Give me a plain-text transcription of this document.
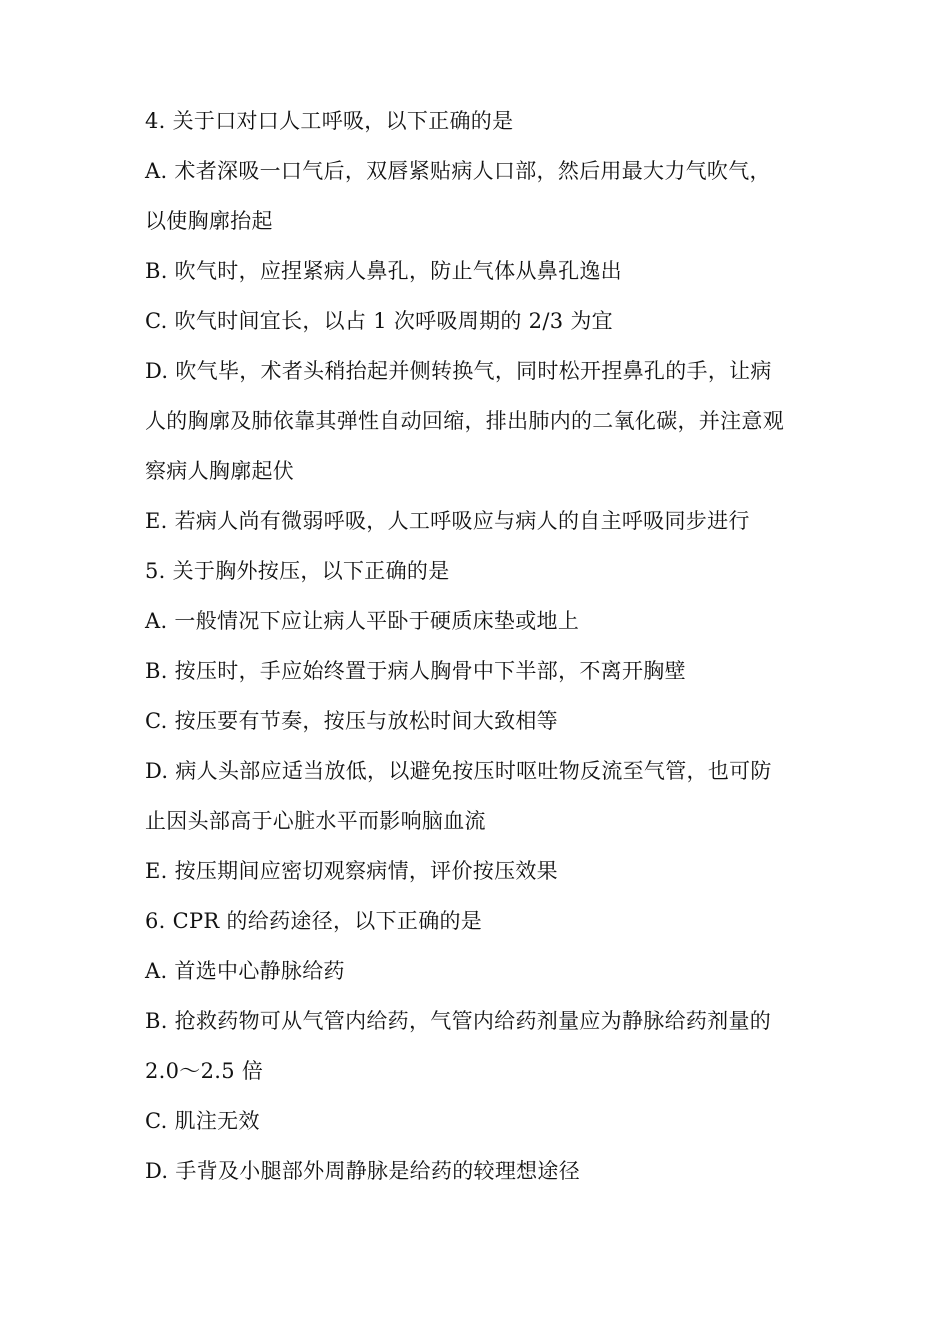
4. 关于口对口人工呼吸，以下正确的是
A. 术者深吸一口气后，双唇紧贴病人口部，然后用最大力气吹气，
以使胸廓抬起
B. 吹气时，应捏紧病人鼻孔，防止气体从鼻孔逸出
C. 吹气时间宜长，以占 1 次呼吸周期的 2/3 为宜
D. 吹气毕，术者头稍抬起并侧转换气，同时松开捏鼻孔的手，让病
人的胸廓及肺依靠其弹性自动回缩，排出肺内的二氧化碳，并注意观
察病人胸廓起伏
E. 若病人尚有微弱呼吸，人工呼吸应与病人的自主呼吸同步进行
5. 关于胸外按压，以下正确的是
A. 一般情况下应让病人平卧于硬质床垫或地上
B. 按压时，手应始终置于病人胸骨中下半部，不离开胸壁
C. 按压要有节奏，按压与放松时间大致相等
D. 病人头部应适当放低，以避免按压时呕吐物反流至气管，也可防
止因头部高于心脏水平而影响脑血流
E. 按压期间应密切观察病情，评价按压效果
6. CPR 的给药途径，以下正确的是
A. 首选中心静脉给药
B. 抢救药物可从气管内给药，气管内给药剂量应为静脉给药剂量的
2.0～2.5 倍
C. 肌注无效
D. 手背及小腿部外周静脉是给药的较理想途径
